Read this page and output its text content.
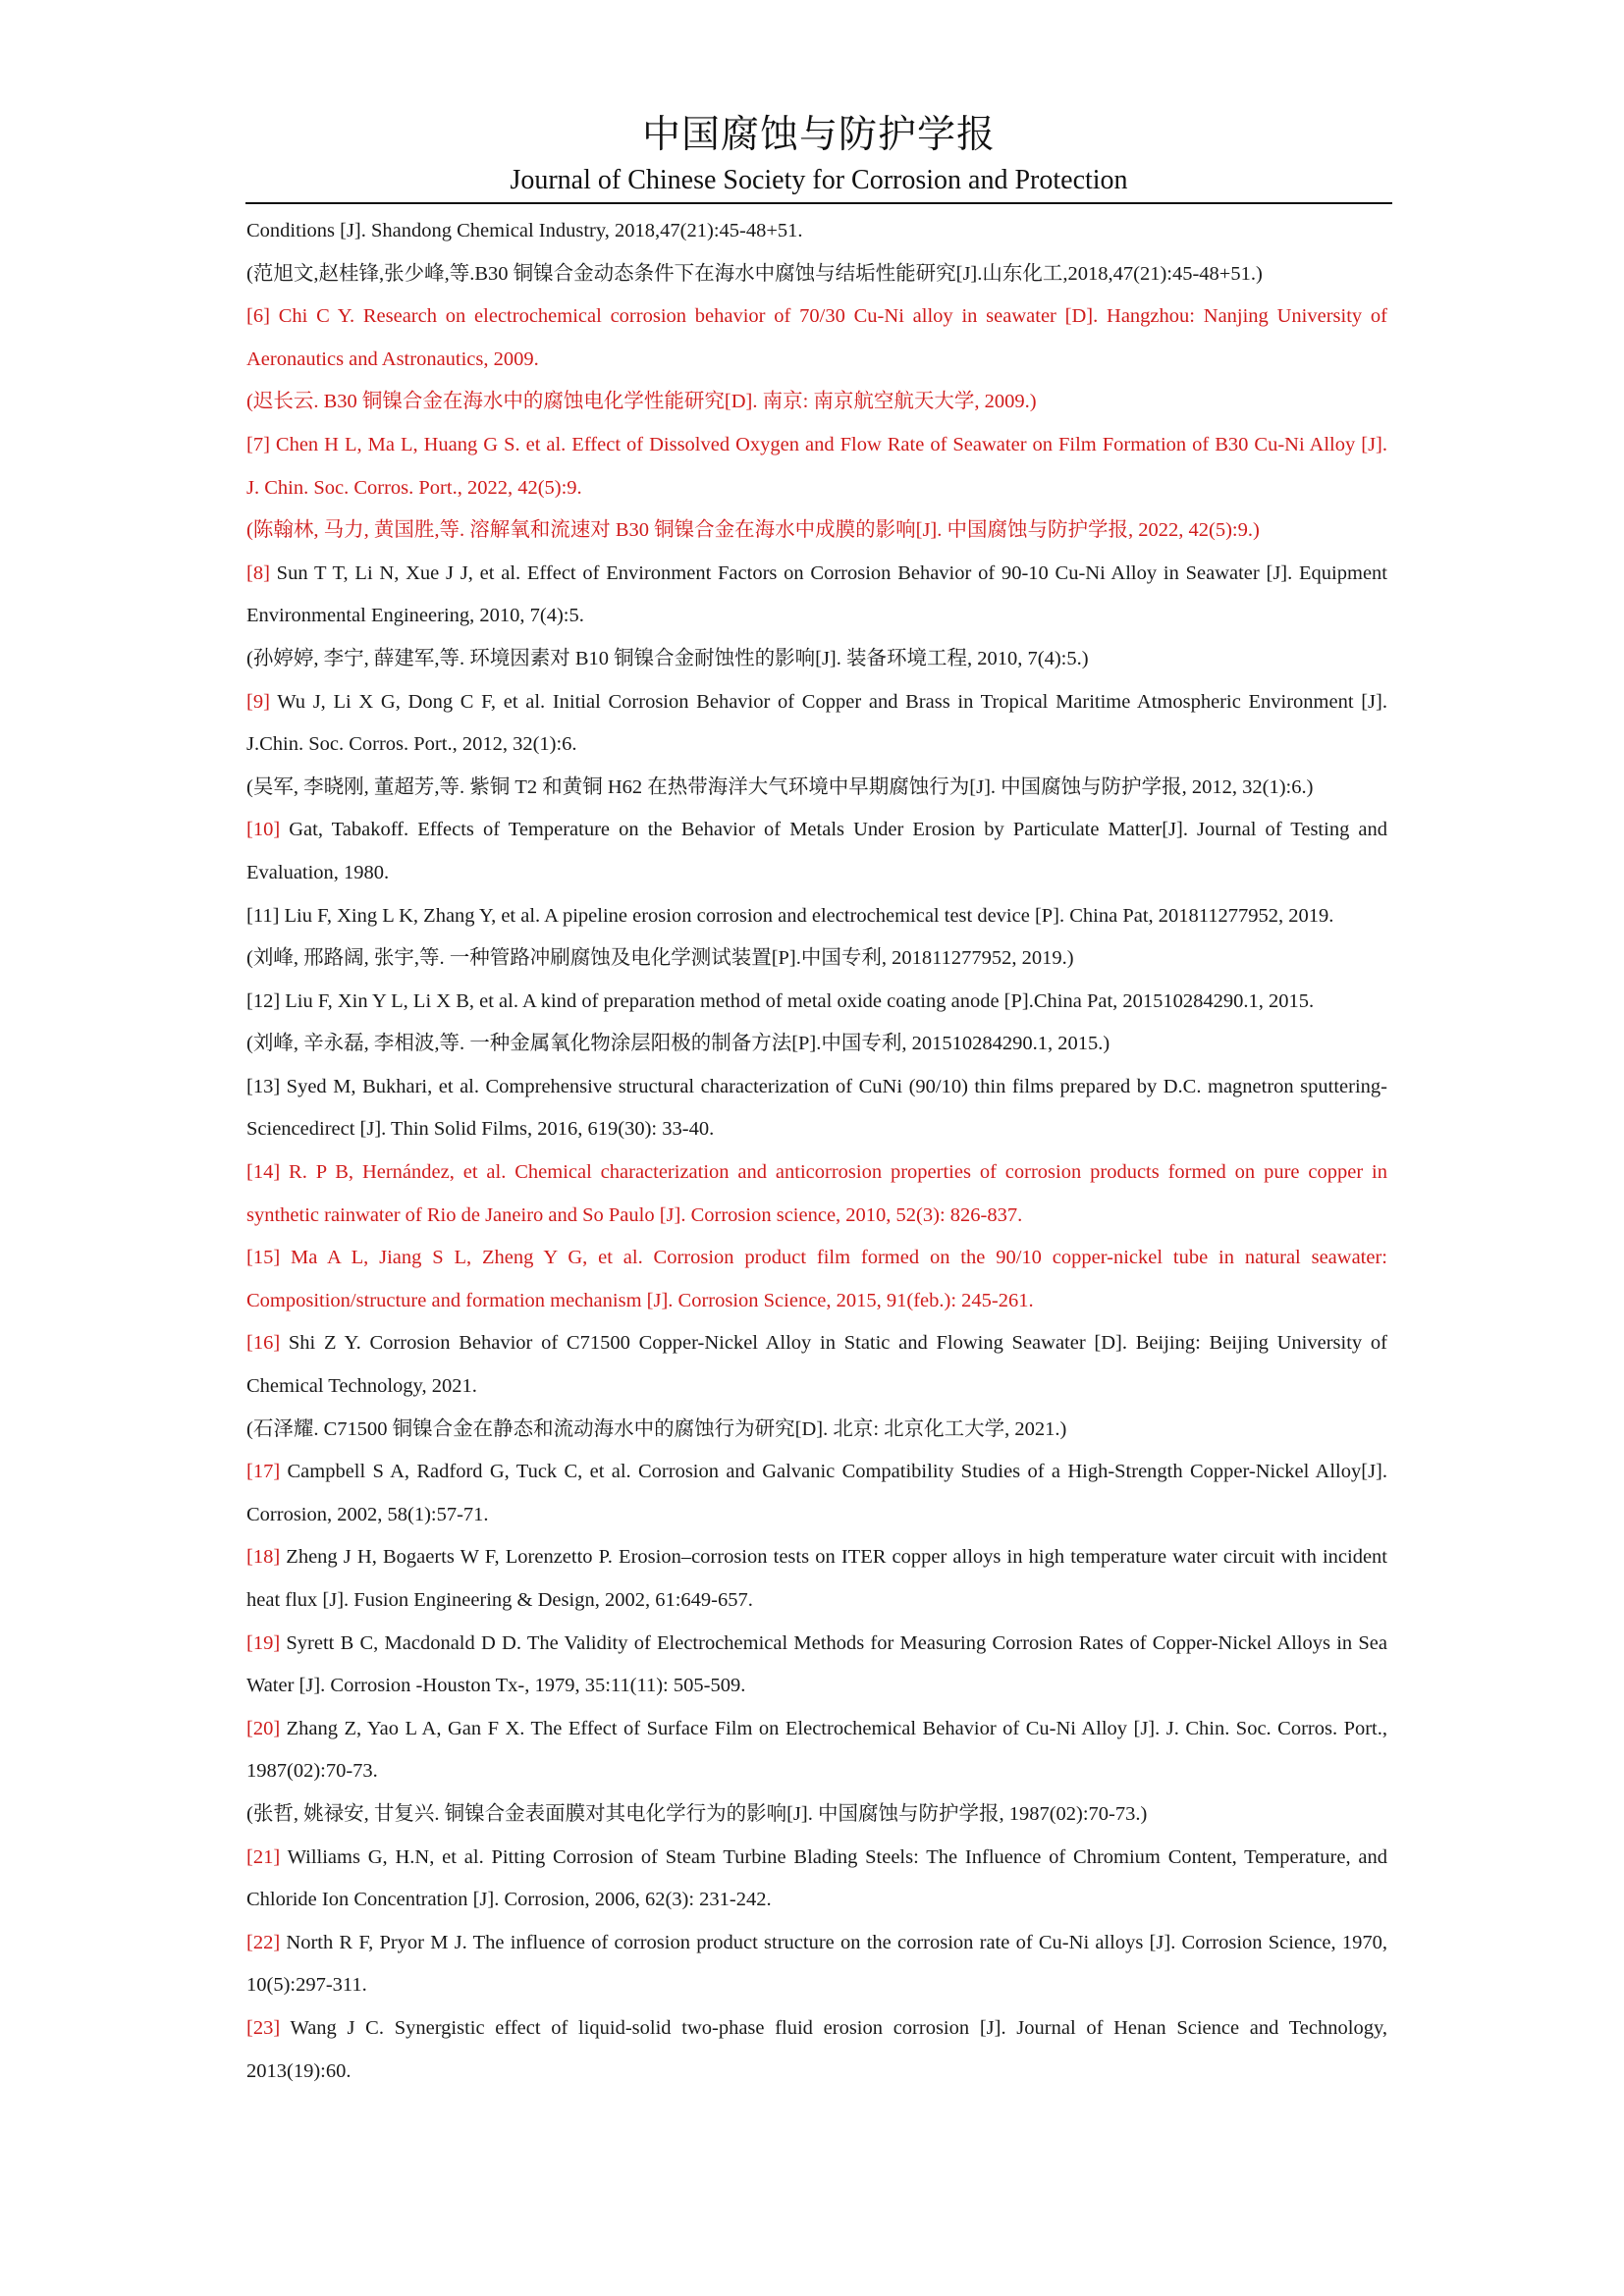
中国腐蚀与防护学报
Journal of Chinese Society for Corrosion and Protection
Conditions [J]. Shandong Chemical Industry, 2018,47(21):45-48+51.
(范旭文,赵桂锋,张少峰,等.B30 铜镍合金动态条件下在海水中腐蚀与结垢性能研究[J].山东化工,2018,47(21):45-48+51.)
[6] Chi C Y. Research on electrochemical corrosion behavior of 70/30 Cu-Ni alloy in seawater [D]. Hangzhou: Nanjing University of
Aeronautics and Astronautics, 2009.
(迟长云. B30 铜镍合金在海水中的腐蚀电化学性能研究[D]. 南京: 南京航空航天大学, 2009.)
[7] Chen H L, Ma L, Huang G S. et al. Effect of Dissolved Oxygen and Flow Rate of Seawater on Film Formation of B30 Cu-Ni Alloy [J].
J. Chin. Soc. Corros. Port., 2022, 42(5):9.
(陈翰林, 马力, 黄国胜,等. 溶解氧和流速对 B30 铜镍合金在海水中成膜的影响[J]. 中国腐蚀与防护学报, 2022, 42(5):9.)
[8] Sun T T, Li N, Xue J J, et al. Effect of Environment Factors on Corrosion Behavior of 90-10 Cu-Ni Alloy in Seawater [J]. Equipment
Environmental Engineering, 2010, 7(4):5.
(孙婷婷, 李宁, 薛建军,等. 环境因素对 B10 铜镍合金耐蚀性的影响[J]. 装备环境工程, 2010, 7(4):5.)
[9] Wu J, Li X G, Dong C F, et al. Initial Corrosion Behavior of Copper and Brass in Tropical Maritime Atmospheric Environment [J].
J.Chin. Soc. Corros. Port., 2012, 32(1):6.
(吴军, 李晓刚, 董超芳,等. 紫铜 T2 和黄铜 H62 在热带海洋大气环境中早期腐蚀行为[J]. 中国腐蚀与防护学报, 2012, 32(1):6.)
[10] Gat, Tabakoff. Effects of Temperature on the Behavior of Metals Under Erosion by Particulate Matter[J]. Journal of Testing and
Evaluation, 1980.
[11] Liu F, Xing L K, Zhang Y, et al. A pipeline erosion corrosion and electrochemical test device [P]. China Pat, 201811277952, 2019.
(刘峰, 邢路阔, 张宇,等. 一种管路冲刷腐蚀及电化学测试装置[P].中国专利, 201811277952, 2019.)
[12] Liu F, Xin Y L, Li X B, et al. A kind of preparation method of metal oxide coating anode [P].China Pat, 201510284290.1, 2015.
(刘峰, 辛永磊, 李相波,等. 一种金属氧化物涂层阳极的制备方法[P].中国专利, 201510284290.1, 2015.)
[13] Syed M, Bukhari, et al. Comprehensive structural characterization of CuNi (90/10) thin films prepared by D.C. magnetron sputtering-
Sciencedirect [J]. Thin Solid Films, 2016, 619(30): 33-40.
[14] R. P B, Hernández, et al. Chemical characterization and anticorrosion properties of corrosion products formed on pure copper in
synthetic rainwater of Rio de Janeiro and So Paulo [J]. Corrosion science, 2010, 52(3): 826-837.
[15] Ma A L, Jiang S L, Zheng Y G, et al. Corrosion product film formed on the 90/10 copper-nickel tube in natural seawater:
Composition/structure and formation mechanism [J]. Corrosion Science, 2015, 91(feb.): 245-261.
[16] Shi Z Y. Corrosion Behavior of C71500 Copper-Nickel Alloy in Static and Flowing Seawater [D]. Beijing: Beijing University of
Chemical Technology, 2021.
(石泽耀. C71500 铜镍合金在静态和流动海水中的腐蚀行为研究[D]. 北京: 北京化工大学, 2021.)
[17] Campbell S A, Radford G, Tuck C, et al. Corrosion and Galvanic Compatibility Studies of a High-Strength Copper-Nickel Alloy[J].
Corrosion, 2002, 58(1):57-71.
[18] Zheng J H, Bogaerts W F, Lorenzetto P. Erosion–corrosion tests on ITER copper alloys in high temperature water circuit with incident
heat flux [J]. Fusion Engineering & Design, 2002, 61:649-657.
[19] Syrett B C, Macdonald D D. The Validity of Electrochemical Methods for Measuring Corrosion Rates of Copper-Nickel Alloys in Sea
Water [J]. Corrosion -Houston Tx-, 1979, 35:11(11): 505-509.
[20] Zhang Z, Yao L A, Gan F X. The Effect of Surface Film on Electrochemical Behavior of Cu-Ni Alloy [J]. J. Chin. Soc. Corros. Port.,
1987(02):70-73.
(张哲, 姚禄安, 甘复兴. 铜镍合金表面膜对其电化学行为的影响[J]. 中国腐蚀与防护学报, 1987(02):70-73.)
[21] Williams G, H.N, et al. Pitting Corrosion of Steam Turbine Blading Steels: The Influence of Chromium Content, Temperature, and
Chloride Ion Concentration [J]. Corrosion, 2006, 62(3): 231-242.
[22] North R F, Pryor M J. The influence of corrosion product structure on the corrosion rate of Cu-Ni alloys [J]. Corrosion Science, 1970,
10(5):297-311.
[23] Wang J C. Synergistic effect of liquid-solid two-phase fluid erosion corrosion [J]. Journal of Henan Science and Technology,
2013(19):60.
